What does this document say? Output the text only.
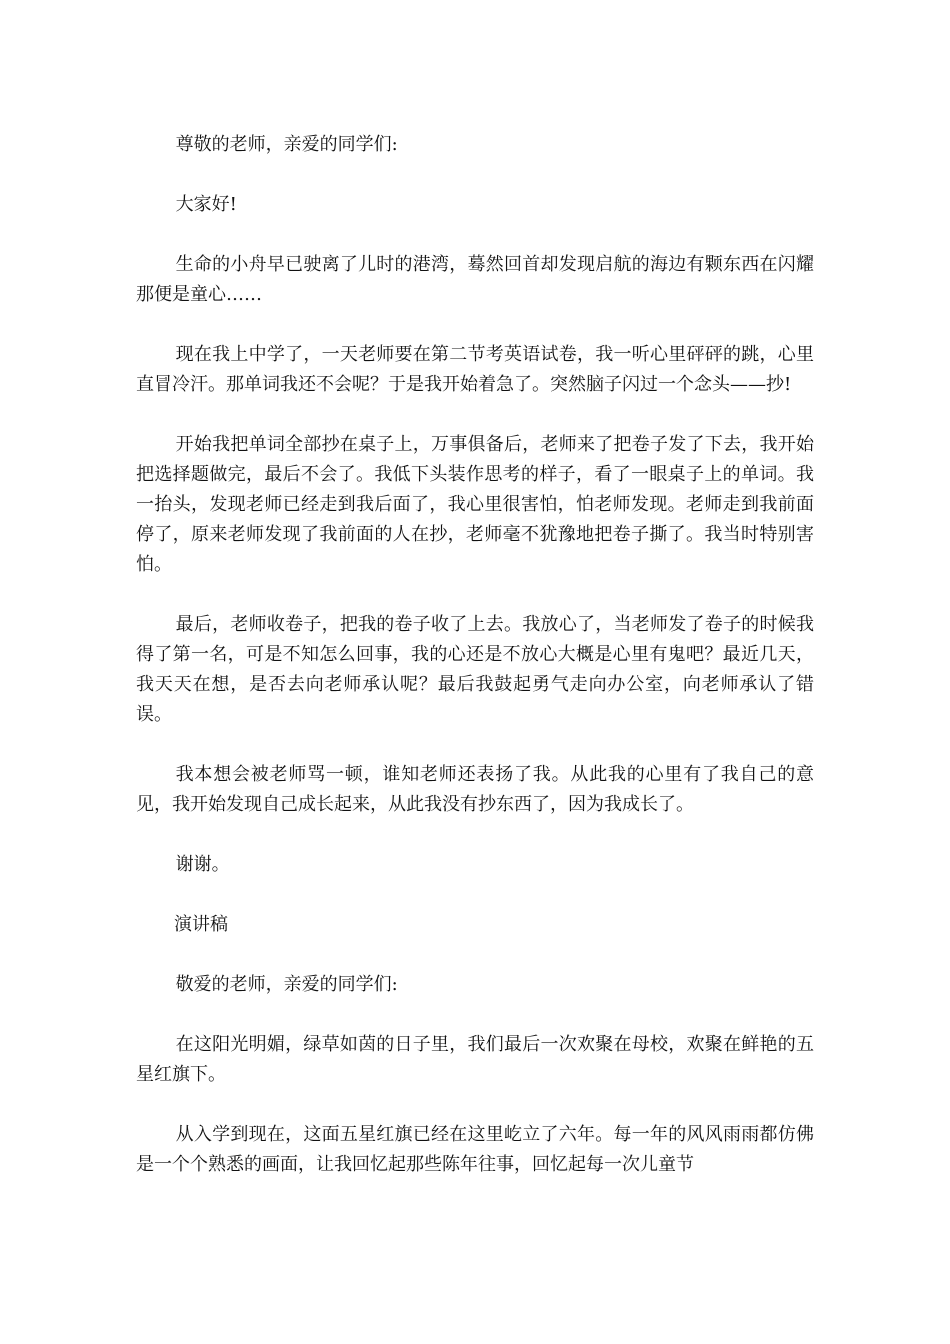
尊敬的老师，亲爱的同学们:

大家好!

生命的小舟早已驶离了儿时的港湾，蓦然回首却发现启航的海边有颗东西在闪耀那便是童心……

现在我上中学了，一天老师要在第二节考英语试卷，我一听心里砰砰的跳，心里直冒冷汗。那单词我还不会呢？于是我开始着急了。突然脑子闪过一个念头——抄!

开始我把单词全部抄在桌子上，万事俱备后，老师来了把卷子发了下去，我开始把选择题做完，最后不会了。我低下头装作思考的样子，看了一眼桌子上的单词。我一抬头，发现老师已经走到我后面了，我心里很害怕，怕老师发现。老师走到我前面停了，原来老师发现了我前面的人在抄，老师毫不犹豫地把卷子撕了。我当时特别害怕。

最后，老师收卷子，把我的卷子收了上去。我放心了，当老师发了卷子的时候我得了第一名，可是不知怎么回事，我的心还是不放心大概是心里有鬼吧？最近几天，我天天在想，是否去向老师承认呢？最后我鼓起勇气走向办公室，向老师承认了错误。

我本想会被老师骂一顿，谁知老师还表扬了我。从此我的心里有了我自己的意见，我开始发现自己成长起来，从此我没有抄东西了，因为我成长了。

谢谢。

演讲稿

敬爱的老师，亲爱的同学们:

在这阳光明媚，绿草如茵的日子里，我们最后一次欢聚在母校，欢聚在鲜艳的五星红旗下。

从入学到现在，这面五星红旗已经在这里屹立了六年。每一年的风风雨雨都仿佛是一个个熟悉的画面，让我回忆起那些陈年往事，回忆起每一次儿童节
